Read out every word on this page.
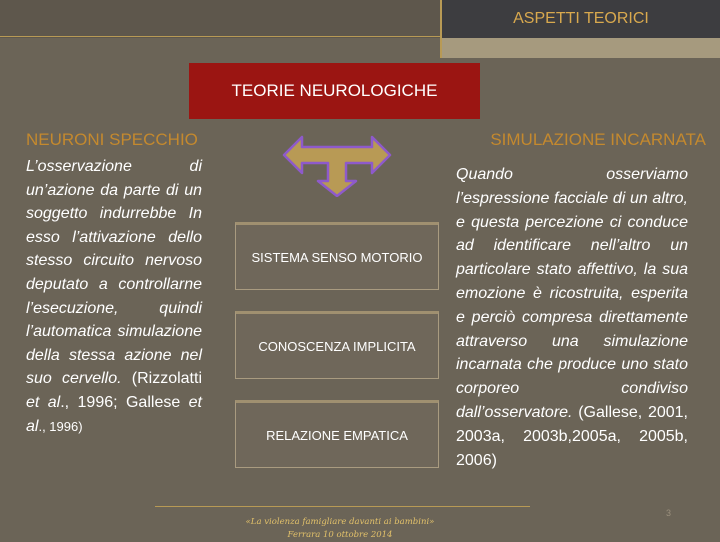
ASPETTI TEORICI
TEORIE NEUROLOGICHE
NEURONI SPECCHIO	SIMULAZIONE INCARNATA
L’osservazione di un’azione da parte di un soggetto indurrebbe In esso l’attivazione dello stesso circuito nervoso deputato a controllarne l’esecuzione, quindi l’automatica simulazione della stessa azione nel suo cervello. (Rizzolatti et al., 1996; Gallese et al., 1996)
Quando osserviamo l’espressione facciale di un altro, e questa percezione ci conduce ad identificare nell’altro un particolare stato affettivo, la sua emozione è ricostruita, esperita e perciò compresa direttamente attraverso una simulazione incarnata che produce uno stato corporeo condiviso dall’osservatore. (Gallese, 2001, 2003a, 2003b,2005a, 2005b, 2006)
SISTEMA SENSO MOTORIO
CONOSCENZA IMPLICITA
RELAZIONE EMPATICA
«La violenza famigliare davanti ai bambini»
Ferrara 10 ottobre 2014
3
